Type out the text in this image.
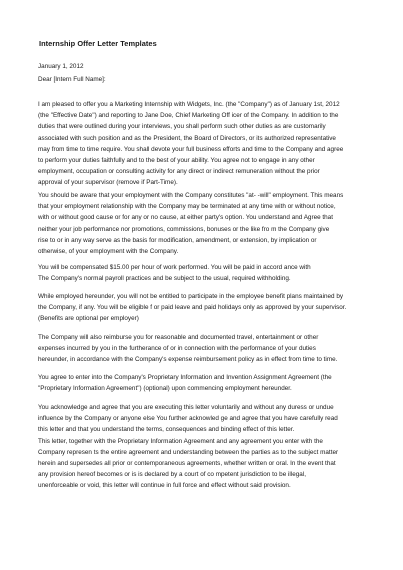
Internship Offer Letter Templates
January 1, 2012
Dear [Intern Full Name]:
I am pleased to offer you a Marketing Internship with Widgets, Inc. (the "Company") as of January 1st, 2012
(the "Effective Date") and reporting to Jane Doe, Chief Marketing Off icer of the Company. In addition to the
duties that were outlined during your interviews, you shall perform such other duties as are customarily
associated with such position and as the President, the Board of Directors, or its authorized representative
may from time to time require. You shall devote your full business efforts and time to the Company and agree
to perform your duties faithfully and to the best of your ability. You agree not to engage in any other
employment, occupation or consulting activity for any direct or indirect remuneration without the prior
approval of your supervisor (remove if Part-Time).
You should be aware that your employment with the Company constitutes "at- -will" employment. This means
that your employment relationship with the Company may be terminated at any time with or without notice,
with or without good cause or for any or no cause, at either party's option. You understand and Agree that
neither your job performance nor promotions, commissions, bonuses or the like fro m the Company give
rise to or in any way serve as the basis for modification, amendment, or extension, by implication or
otherwise, of your employment with the Company.
You will be compensated $15.00 per hour of work performed. You will be paid in accord ance with
The Company's normal payroll practices and be subject to the usual, required withholding.
While employed hereunder, you will not be entitled to participate in the employee benefit plans maintained by
the Company, if any. You will be eligible f or paid leave and paid holidays only as approved by your supervisor.
(Benefits are optional per employer)
The Company will also reimburse you for reasonable and documented travel, entertainment or other
expenses incurred by you in the furtherance of or in connection with the performance of your duties
hereunder, in accordance with the Company's expense reimbursement policy as in effect from time to time.
You agree to enter into the Company's Proprietary Information and Invention Assignment Agreement (the
"Proprietary Information Agreement") (optional) upon commencing employment hereunder.
You acknowledge and agree that you are executing this letter voluntarily and without any duress or undue
influence by the Company or anyone else You further acknowled ge and agree that you have carefully read
this letter and that you understand the terms, consequences and binding effect of this letter.
This letter, together with the Proprietary Information Agreement and any agreement you enter with the
Company represen ts the entire agreement and understanding between the parties as to the subject matter
herein and supersedes all prior or contemporaneous agreements, whether written or oral. In the event that
any provision hereof becomes or is is declared by a court of co mpetent jurisdiction to be illegal,
unenforceable or void, this letter will continue in full force and effect without said provision.
